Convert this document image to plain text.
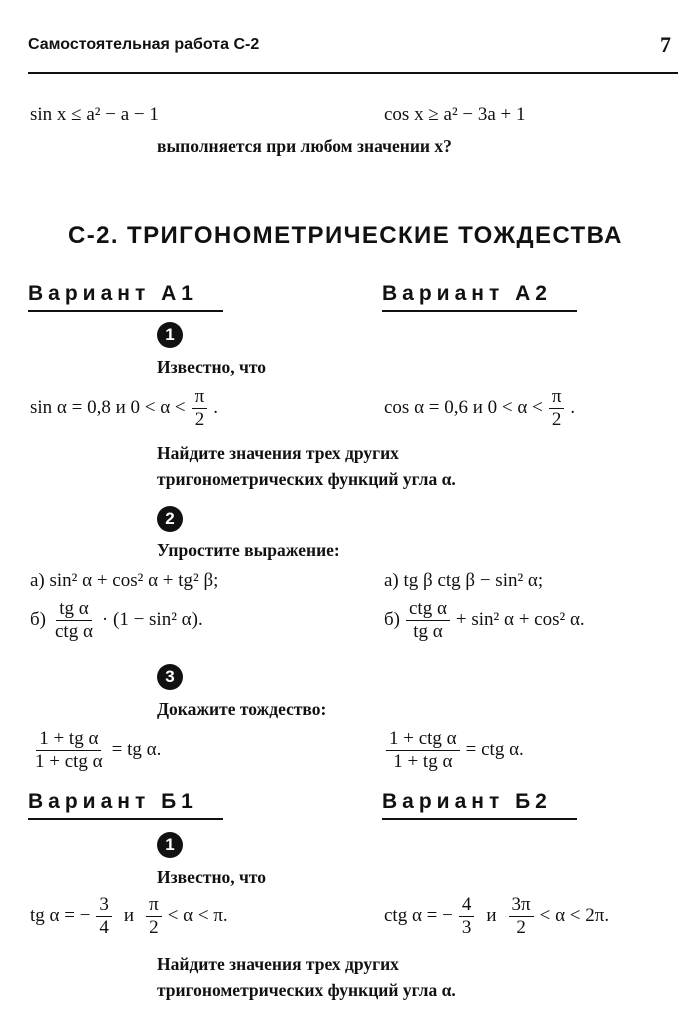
Самостоятельная работа С-2	7
sin x ≤ a² − a − 1	cos x ≥ a² − 3a + 1
выполняется при любом значении x?
С-2. ТРИГОНОМЕТРИЧЕСКИЕ ТОЖДЕСТВА
Вариант А1	Вариант А2
1
Известно, что
sin α = 0,8 и $0 < \alpha < \frac{\pi}{2}$ .	cos α = 0,6 и $0 < \alpha < \frac{\pi}{2}$ .
Найдите значения трех других
тригонометрических функций угла α.
2
Упростите выражение:
а) sin² α + cos² α + tg² β;	а) tg β ctg β − sin² α;
$б) \frac{\text{tg α}}{\text{ctg α}} \cdot (1 - \sin^2$ α).	$б) \frac{\text{ctg α}}{\text{tg α}} + \sin^2$ α + cos² α.
3
Докажите тождество:
$\frac{\text{1 + tg α}}{\text{1 + ctg α}}$ = tg α.	$\frac{\text{1 + ctg α}}{\text{1 + tg α}}$ = ctg α.
Вариант Б1	Вариант Б2
1
Известно, что
tg α = − $\frac{3}{4}$ и $\frac{\pi}{2} < \alpha < \pi$.	ctg α = − $\frac{4}{3}$ и $\frac{3\pi}{2} < \alpha < 2\pi$.
Найдите значения трех других
тригонометрических функций угла α.
